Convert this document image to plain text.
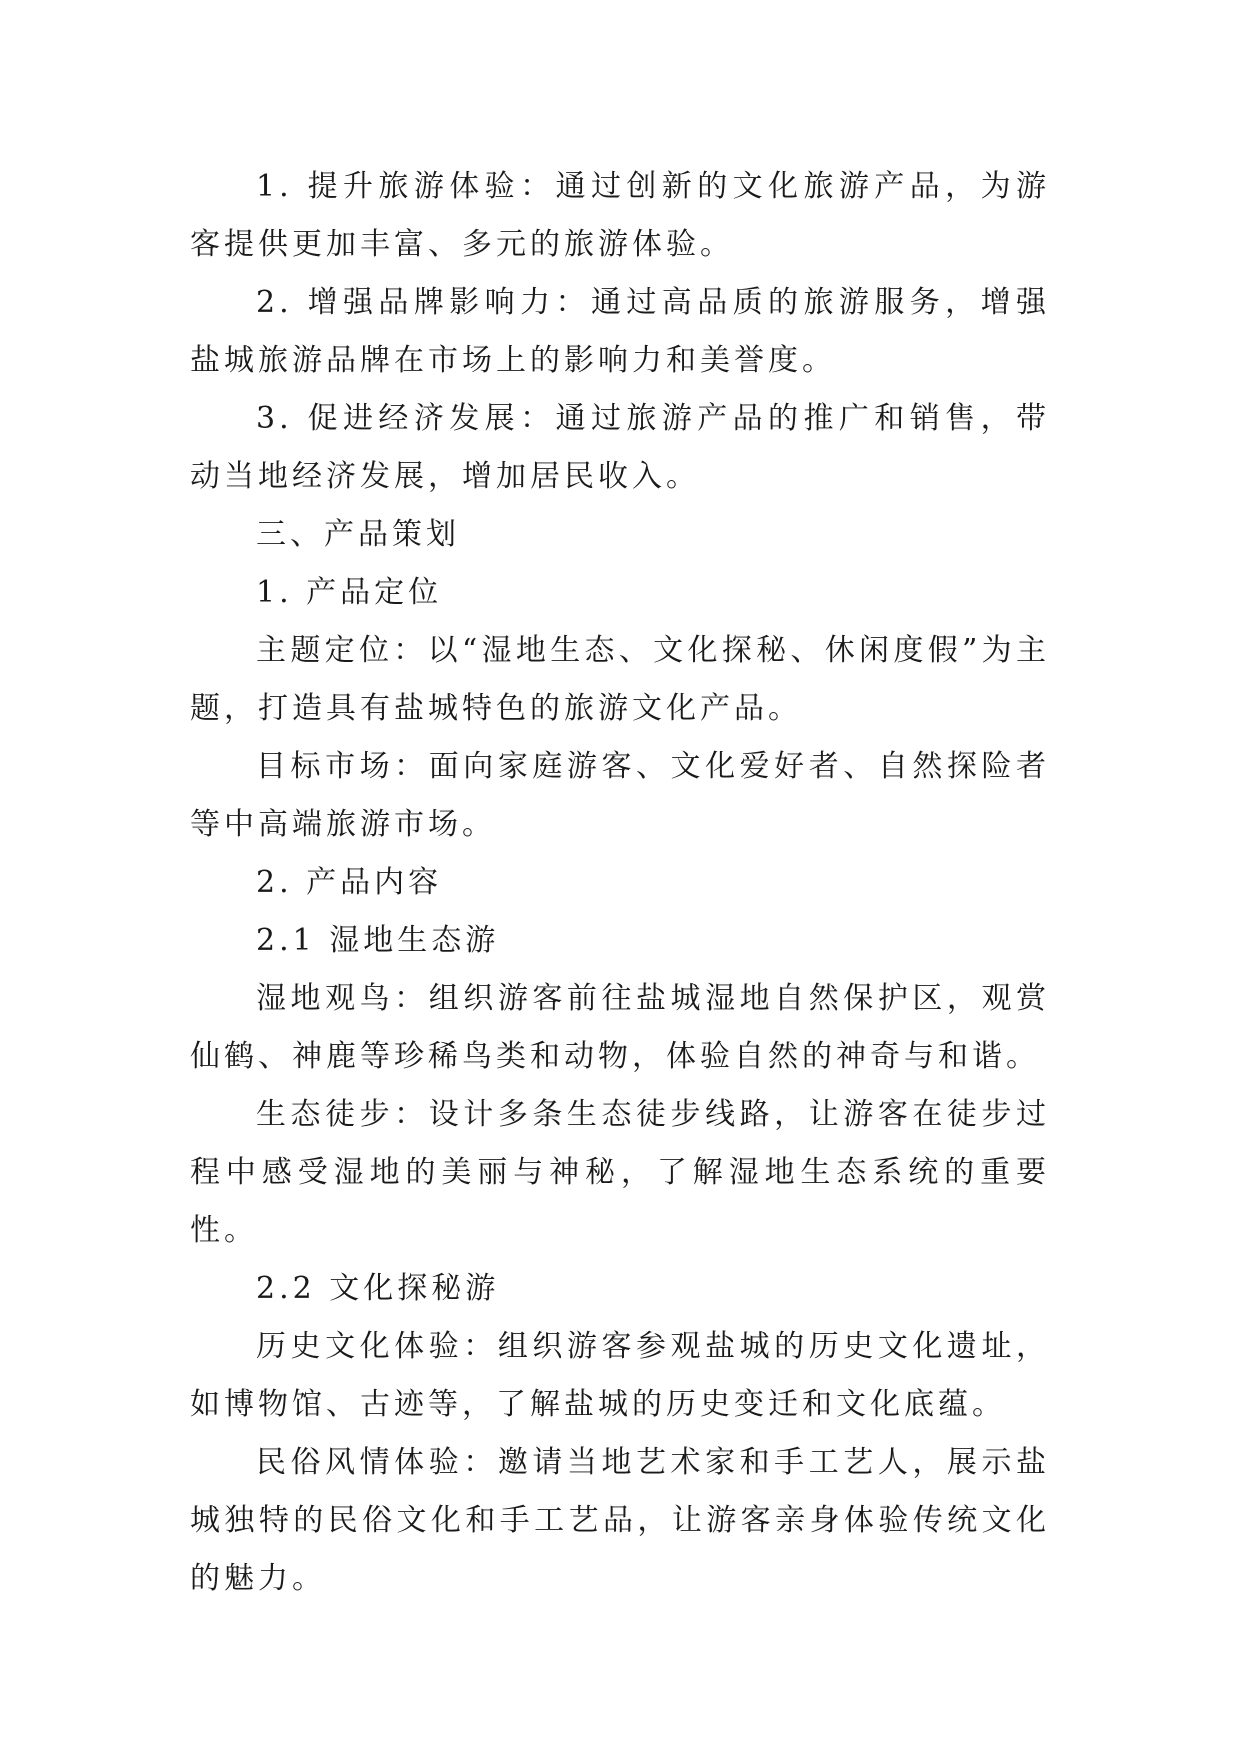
1. 提升旅游体验：通过创新的文化旅游产品，为游客提供更加丰富、多元的旅游体验。

2. 增强品牌影响力：通过高品质的旅游服务，增强盐城旅游品牌在市场上的影响力和美誉度。

3. 促进经济发展：通过旅游产品的推广和销售，带动当地经济发展，增加居民收入。

三、产品策划

1. 产品定位

主题定位：以“湿地生态、文化探秘、休闲度假”为主题，打造具有盐城特色的旅游文化产品。

目标市场：面向家庭游客、文化爱好者、自然探险者等中高端旅游市场。

2. 产品内容

2.1 湿地生态游

湿地观鸟：组织游客前往盐城湿地自然保护区，观赏仙鹤、神鹿等珍稀鸟类和动物，体验自然的神奇与和谐。

生态徒步：设计多条生态徒步线路，让游客在徒步过程中感受湿地的美丽与神秘，了解湿地生态系统的重要性。

2.2 文化探秘游

历史文化体验：组织游客参观盐城的历史文化遗址，如博物馆、古迹等，了解盐城的历史变迁和文化底蕴。

民俗风情体验：邀请当地艺术家和手工艺人，展示盐城独特的民俗文化和手工艺品，让游客亲身体验传统文化的魅力。
